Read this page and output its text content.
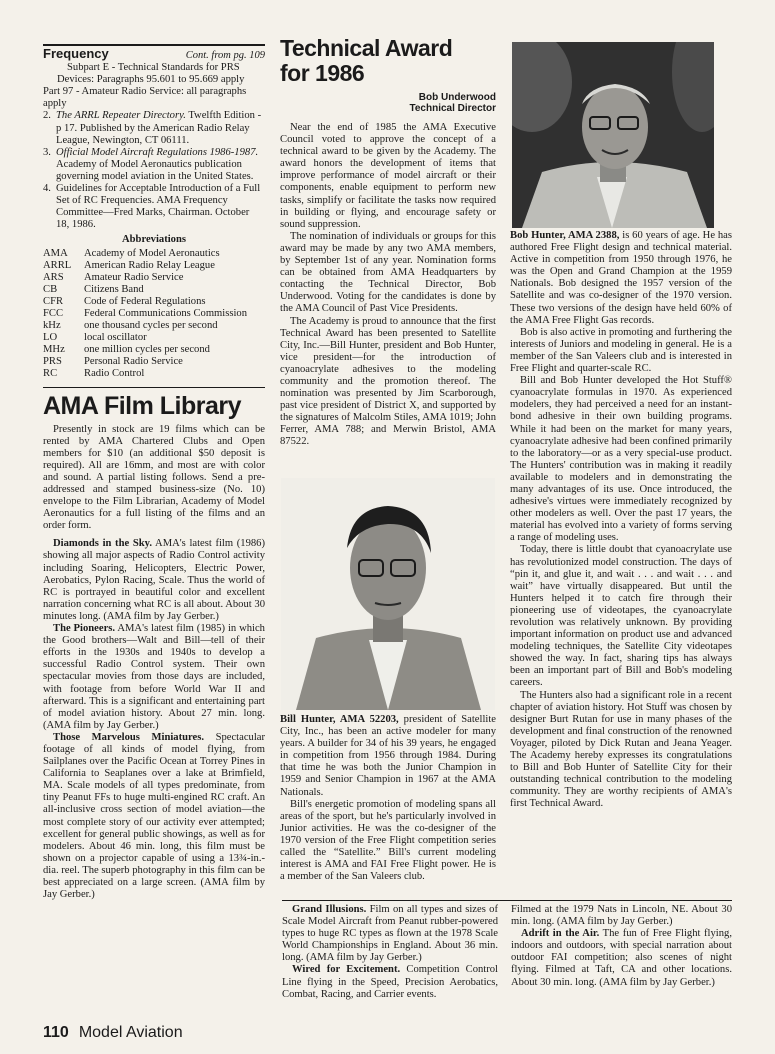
Frequency	Cont. from pg. 109

Subpart E - Technical Standards for PRS Devices: Paragraphs 95.601 to 95.669 apply

Part 97 - Amateur Radio Service: all paragraphs apply

2. The ARRL Repeater Directory. Twelfth Edition - p 17. Published by the American Radio Relay League, Newington, CT 06111.

3. Official Model Aircraft Regulations 1986-1987. Academy of Model Aeronautics publication governing model aviation in the United States.

4. Guidelines for Acceptable Introduction of a Full Set of RC Frequencies. AMA Frequency Committee—Fred Marks, Chairman. October 18, 1986.

Abbreviations
AMA	Academy of Model Aeronautics
ARRL	American Radio Relay League
ARS	Amateur Radio Service
CB	Citizens Band
CFR	Code of Federal Regulations
FCC	Federal Communications Commission
kHz	one thousand cycles per second
LO	local oscillator
MHz	one million cycles per second
PRS	Personal Radio Service
RC	Radio Control
AMA Film Library

Presently in stock are 19 films which can be rented by AMA Chartered Clubs and Open members for $10 (an additional $50 deposit is required). All are 16mm, and most are with color and sound. A partial listing follows. Send a pre-addressed and stamped business-size (No. 10) envelope to the Film Librarian, Academy of Model Aeronautics for a full listing of the films and an order form.

Diamonds in the Sky. AMA's latest film (1986) showing all major aspects of Radio Control activity including Soaring, Helicopters, Electric Power, Aerobatics, Pylon Racing, Scale. Thus the world of RC is portrayed in beautiful color and excellent narration concerning what RC is all about. About 30 minutes long. (AMA film by Jay Gerber.)

The Pioneers. AMA's latest film (1985) in which the Good brothers—Walt and Bill—tell of their efforts in the 1930s and 1940s to develop a successful Radio Control system. Their own spectacular movies from those days are included, with footage from before World War II and afterward. This is a significant and entertaining part of model aviation history. About 27 min. long. (AMA film by Jay Gerber.)

Those Marvelous Miniatures. Spectacular footage of all kinds of model flying, from Sailplanes over the Pacific Ocean at Torrey Pines in California to Seaplanes over a lake at Brimfield, MA. Scale models of all types predominate, from tiny Peanut FFs to huge multi-engined RC craft. An all-inclusive cross section of model aviation—the most complete story of our activity ever attempted; excellent for general public showings, as well as for modelers. About 46 min. long, this film must be shown on a projector capable of using a 13¾-in.-dia. reel. The superb photography in this film can be best appreciated on a large screen. (AMA film by Jay Gerber.)

Technical Award
for 1986
Bob Underwood
Technical Director

Near the end of 1985 the AMA Executive Council voted to approve the concept of a technical award to be given by the Academy. The award honors the development of items that improve performance of model aircraft or their components, enable equipment to perform new tasks, simplify or facilitate the tasks now required in building or flying, and encourage safety or sound suppression.

The nomination of individuals or groups for this award may be made by any two AMA members, by September 1st of any year. Nomination forms can be obtained from AMA Headquarters by contacting the Technical Director, Bob Underwood. Voting for the candidates is done by the AMA Council of Past Vice Presidents.

The Academy is proud to announce that the first Technical Award has been presented to Satellite City, Inc.—Bill Hunter, president and Bob Hunter, vice president—for the introduction of cyanoacrylate adhesives to the modeling community and the promotion thereof. The nomination was presented by Jim Scarborough, past vice president of District X, and supported by the signatures of Malcolm Stiles, AMA 1019; John Ferrer, AMA 788; and Merwin Bristol, AMA 87522.

Bill Hunter, AMA 52203, president of Satellite City, Inc., has been an active modeler for many years. A builder for 34 of his 39 years, he engaged in competition from 1956 through 1984. During that time he was both the Junior Champion in 1959 and Senior Champion in 1967 at the AMA Nationals.

Bill's energetic promotion of modeling spans all areas of the sport, but he's particularly involved in Junior activities. He was the co-designer of the 1970 version of the Free Flight competition series called the “Satellite.” Bill's current modeling interest is AMA and FAI Free Flight power. He is a member of the San Valeers club.

Bob Hunter, AMA 2388, is 60 years of age. He has authored Free Flight design and technical material. Active in competition from 1950 through 1976, he was the Open and Grand Champion at the 1959 Nationals. Bob designed the 1957 version of the Satellite and was co-designer of the 1970 version. These two versions of the design have held 60% of the AMA Free Flight Gas records.

Bob is also active in promoting and furthering the interests of Juniors and modeling in general. He is a member of the San Valeers club and is interested in Free Flight and quarter-scale RC.

Bill and Bob Hunter developed the Hot Stuff® cyanoacrylate formulas in 1970. As experienced modelers, they had perceived a need for an instant-bond adhesive in their own building programs. While it had been on the market for many years, cyanoacrylate adhesive had been confined primarily to the laboratory—or as a very special-use product. The Hunters' contribution was in making it readily available to modelers and in demonstrating the many advantages of its use. Once introduced, the adhesive's virtues were immediately recognized by other modelers as well. Over the past 17 years, the material has evolved into a variety of forms serving a range of modeling uses.

Today, there is little doubt that cyanoacrylate use has revolutionized model construction. The days of “pin it, and glue it, and wait . . . and wait . . . and wait” have virtually disappeared. But until the Hunters helped it to catch fire through their pioneering use of videotapes, the cyanoacrylate revolution was relatively unknown. By providing important information on product use and advanced modeling techniques, the Satellite City videotapes showed the way. In fact, sharing tips has always been an important part of Bill and Bob's modeling careers.

The Hunters also had a significant role in a recent chapter of aviation history. Hot Stuff was chosen by designer Burt Rutan for use in many phases of the development and final construction of the renowned Voyager, piloted by Dick Rutan and Jeana Yeager. The Academy hereby expresses its congratulations to Bill and Bob Hunter of Satellite City for their outstanding technical contribution to the modeling community. They are worthy recipients of AMA's first Technical Award.

Grand Illusions. Film on all types and sizes of Scale Model Aircraft from Peanut rubber-powered types to huge RC types as flown at the 1978 Scale World Championships in England. About 36 min. long. (AMA film by Jay Gerber.)

Wired for Excitement. Competition Control Line flying in the Speed, Precision Aerobatics, Combat, Racing, and Carrier events.

Filmed at the 1979 Nats in Lincoln, NE. About 30 min. long. (AMA film by Jay Gerber.)

Adrift in the Air. The fun of Free Flight flying, indoors and outdoors, with special narration about outdoor FAI competition; also scenes of night flying. Filmed at Taft, CA and other locations. About 30 min. long. (AMA film by Jay Gerber.)

110 Model Aviation
